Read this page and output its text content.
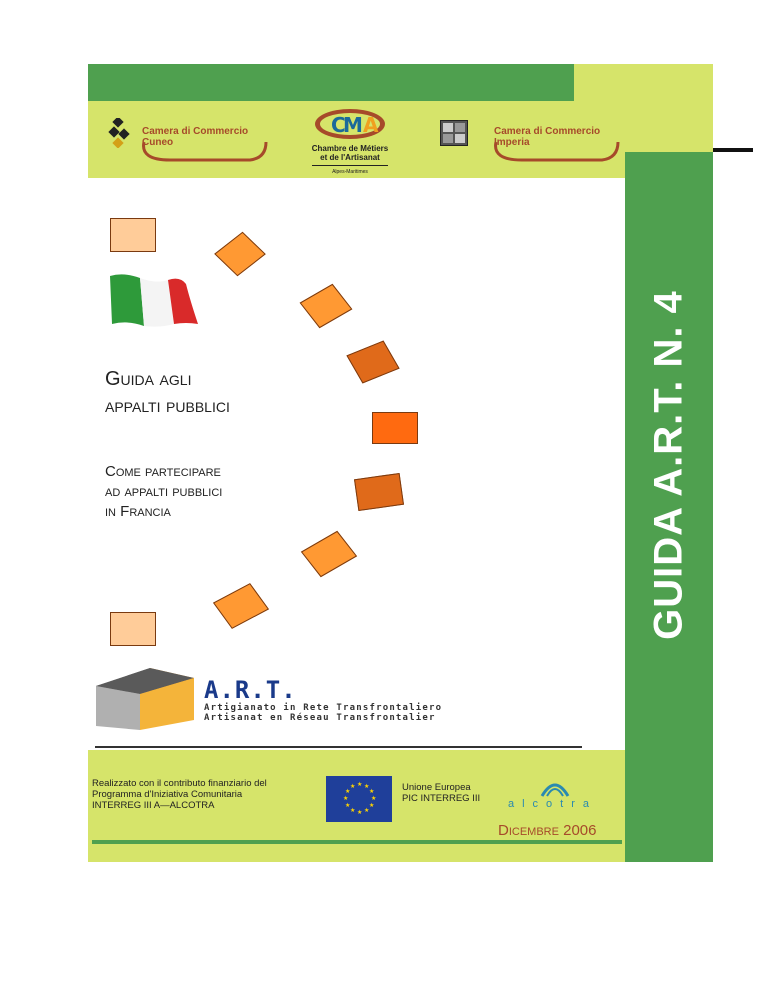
GUIDA A.R.T. N. 4
Camera di Commercio
Cuneo
C
M A
Chambre de Métiers
et de l'Artisanat
Alpes-Maritimes
Camera di Commercio
Imperia
Guida agli
appalti pubblici
Come partecipare
ad appalti pubblici
in Francia
A.R.T.
Artigianato in Rete Transfrontaliero
Artisanat en Réseau Transfrontalier
Realizzato con il contributo finanziario del
Programma d'Iniziativa Comunitaria
INTERREG III A—ALCOTRA
★ ★
★
★
★
★
★
★
★
★
★
★	Unione Europea
PIC INTERREG III	alcotra
Dicembre 2006
